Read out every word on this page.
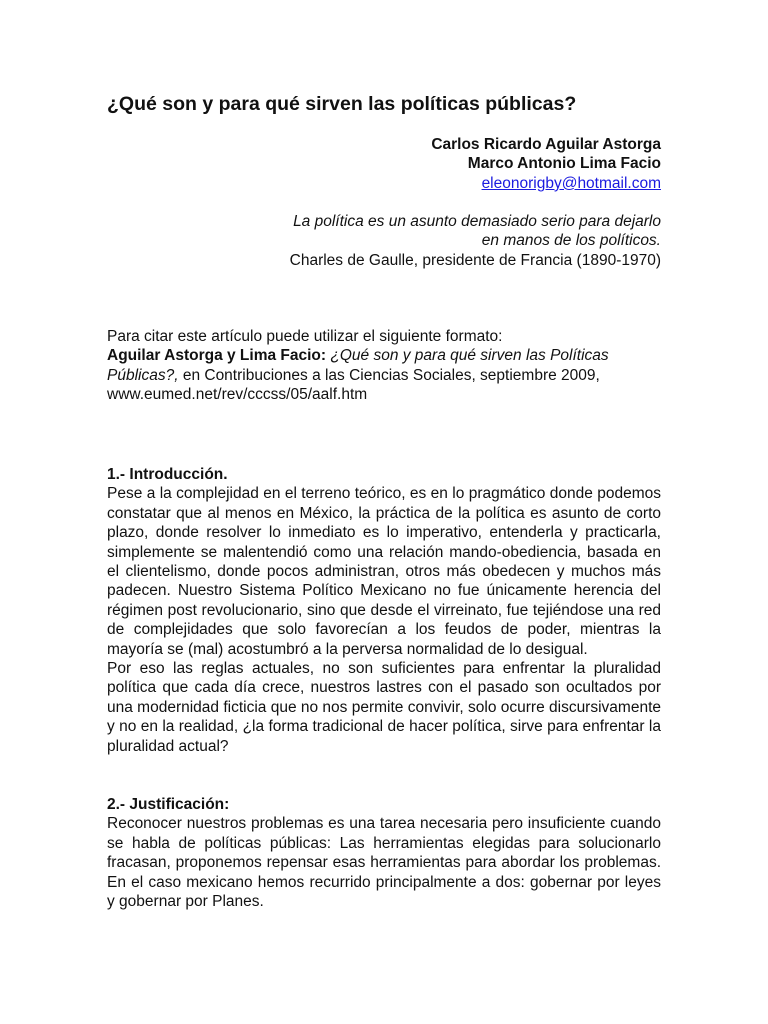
¿Qué son y para qué sirven las políticas públicas?
Carlos Ricardo Aguilar Astorga
Marco Antonio Lima Facio
eleonorigby@hotmail.com
La política es un asunto demasiado serio para dejarlo
en manos de los políticos.
Charles de Gaulle, presidente de Francia (1890-1970)
Para citar este artículo puede utilizar el siguiente formato:
Aguilar Astorga y Lima Facio: ¿Qué son y para qué sirven las Políticas Públicas?, en Contribuciones a las Ciencias Sociales, septiembre 2009, www.eumed.net/rev/cccss/05/aalf.htm
1.- Introducción.

Pese a la complejidad en el terreno teórico, es en lo pragmático donde podemos constatar que al menos en México, la práctica de la política es asunto de corto plazo, donde resolver lo inmediato es lo imperativo, entenderla y practicarla, simplemente se malentendió como una relación mando-obediencia, basada en el clientelismo, donde pocos administran, otros más obedecen y muchos más padecen. Nuestro Sistema Político Mexicano no fue únicamente herencia del régimen post revolucionario, sino que desde el virreinato, fue tejiéndose una red de complejidades que solo favorecían a los feudos de poder, mientras la mayoría se (mal) acostumbró a la perversa normalidad de lo desigual.

Por eso las reglas actuales, no son suficientes para enfrentar la pluralidad política que cada día crece, nuestros lastres con el pasado son ocultados por una modernidad ficticia que no nos permite convivir, solo ocurre discursivamente y no en la realidad, ¿la forma tradicional de hacer política, sirve para enfrentar la pluralidad actual?

2.- Justificación:

Reconocer nuestros problemas es una tarea necesaria pero insuficiente cuando se habla de políticas públicas: Las herramientas elegidas para solucionarlo fracasan, proponemos repensar esas herramientas para abordar los problemas. En el caso mexicano hemos recurrido principalmente a dos: gobernar por leyes y gobernar por Planes.
